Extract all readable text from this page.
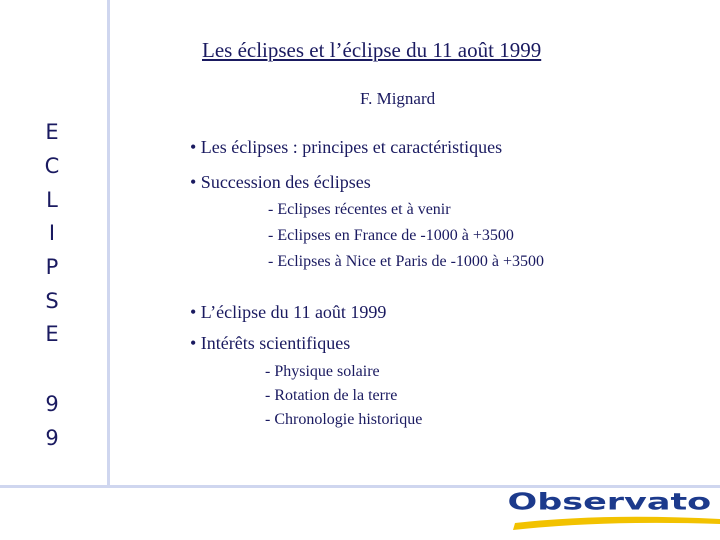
E
C
L
I
P
S
E
9
9
Les éclipses et l’éclipse du 11 août 1999
F. Mignard
• Les éclipses : principes et caractéristiques
• Succession des éclipses
- Eclipses récentes et à venir
- Eclipses en France de -1000 à +3500
- Eclipses à Nice et Paris de -1000 à +3500
• L’éclipse du 11 août 1999
• Intérêts scientifiques
- Physique solaire
- Rotation de la terre
- Chronologie historique
Observato
